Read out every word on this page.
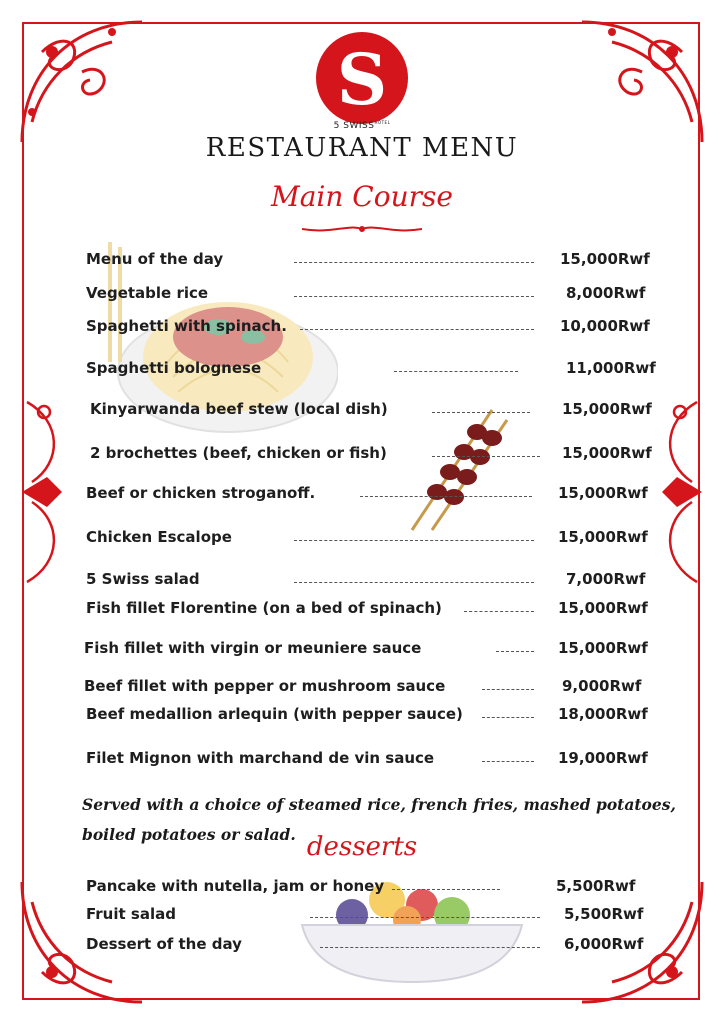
S
5 $SWISS^{HOTEL}$
RESTAURANT MENU
Main Course
Menu of the day	15,000Rwf
Vegetable rice	8,000Rwf
Spaghetti with spinach.	10,000Rwf
Spaghetti bolognese	11,000Rwf
Kinyarwanda beef stew (local dish)	15,000Rwf
2 brochettes (beef, chicken or fish)	15,000Rwf
Beef or chicken stroganoff.	15,000Rwf
Chicken Escalope	15,000Rwf
5 Swiss salad	7,000Rwf
Fish fillet Florentine (on a bed of spinach)	15,000Rwf
Fish fillet with virgin or meuniere sauce	15,000Rwf
Beef fillet with pepper or mushroom sauce	9,000Rwf
Beef medallion arlequin (with pepper sauce)	18,000Rwf
Filet Mignon with marchand de vin sauce	19,000Rwf
Served with a choice of steamed rice, french fries, mashed potatoes, boiled potatoes or salad. desserts
Pancake with nutella, jam or honey	5,500Rwf
Fruit salad	5,500Rwf
Dessert of the day	6,000Rwf
